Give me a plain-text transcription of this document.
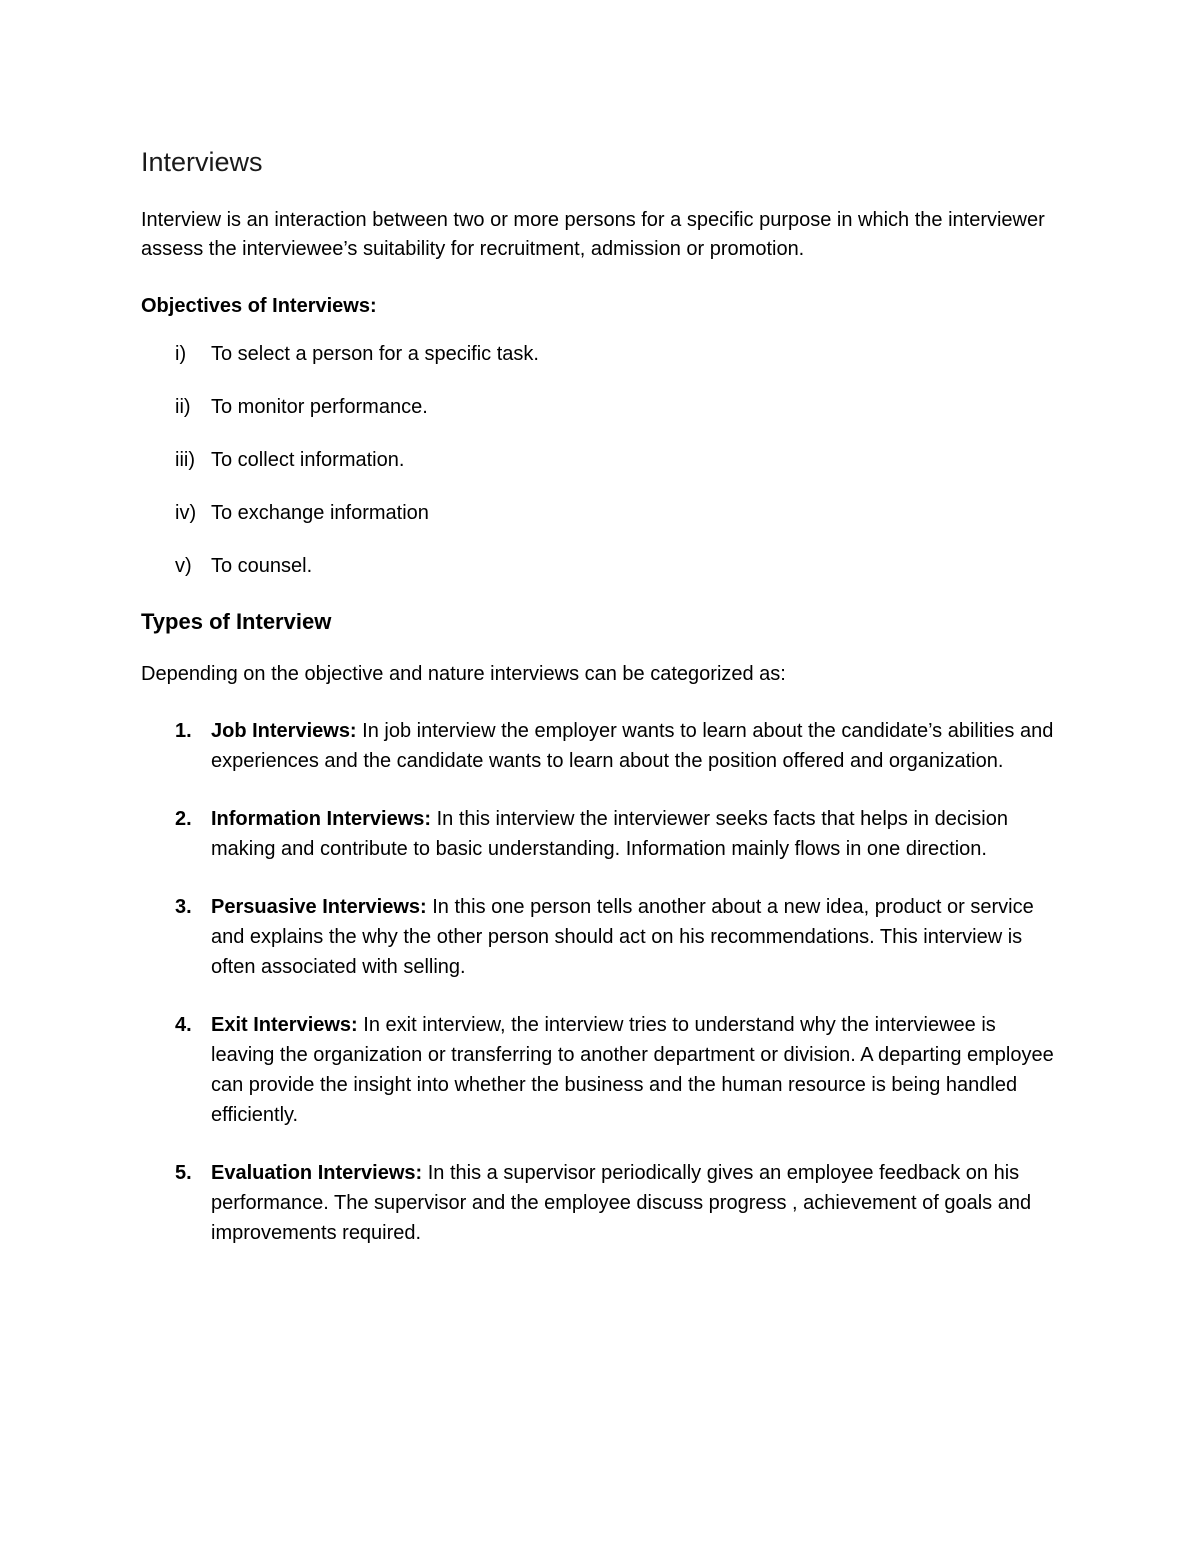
Interviews

Interview is an interaction between two or more persons for a specific purpose in which the interviewer assess the interviewee’s suitability for recruitment, admission or promotion.

Objectives of Interviews:

i)	To select a person for a specific task.
ii)	To monitor performance.
iii) To collect information.
iv) To exchange information
v) To counsel.
Types of Interview

Depending on the objective and nature interviews can be categorized as:

1. Job Interviews: In job interview the employer wants to learn about the candidate’s abilities and experiences and the candidate wants to learn about the position offered and organization.
2. Information Interviews: In this interview the interviewer seeks facts that helps in decision making and contribute to basic understanding. Information mainly flows in one direction.
3. Persuasive Interviews: In this one person tells another about a new idea, product or service and explains the why the other person should act on his recommendations. This interview is often associated with selling.
4. Exit Interviews: In exit interview, the interview tries to understand why the interviewee is leaving the organization or transferring to another department or division. A departing employee can provide the insight into whether the business and the human resource is being handled efficiently.
5. Evaluation Interviews: In this a supervisor periodically gives an employee feedback on his performance. The supervisor and the employee discuss progress , achievement of goals and improvements required.
